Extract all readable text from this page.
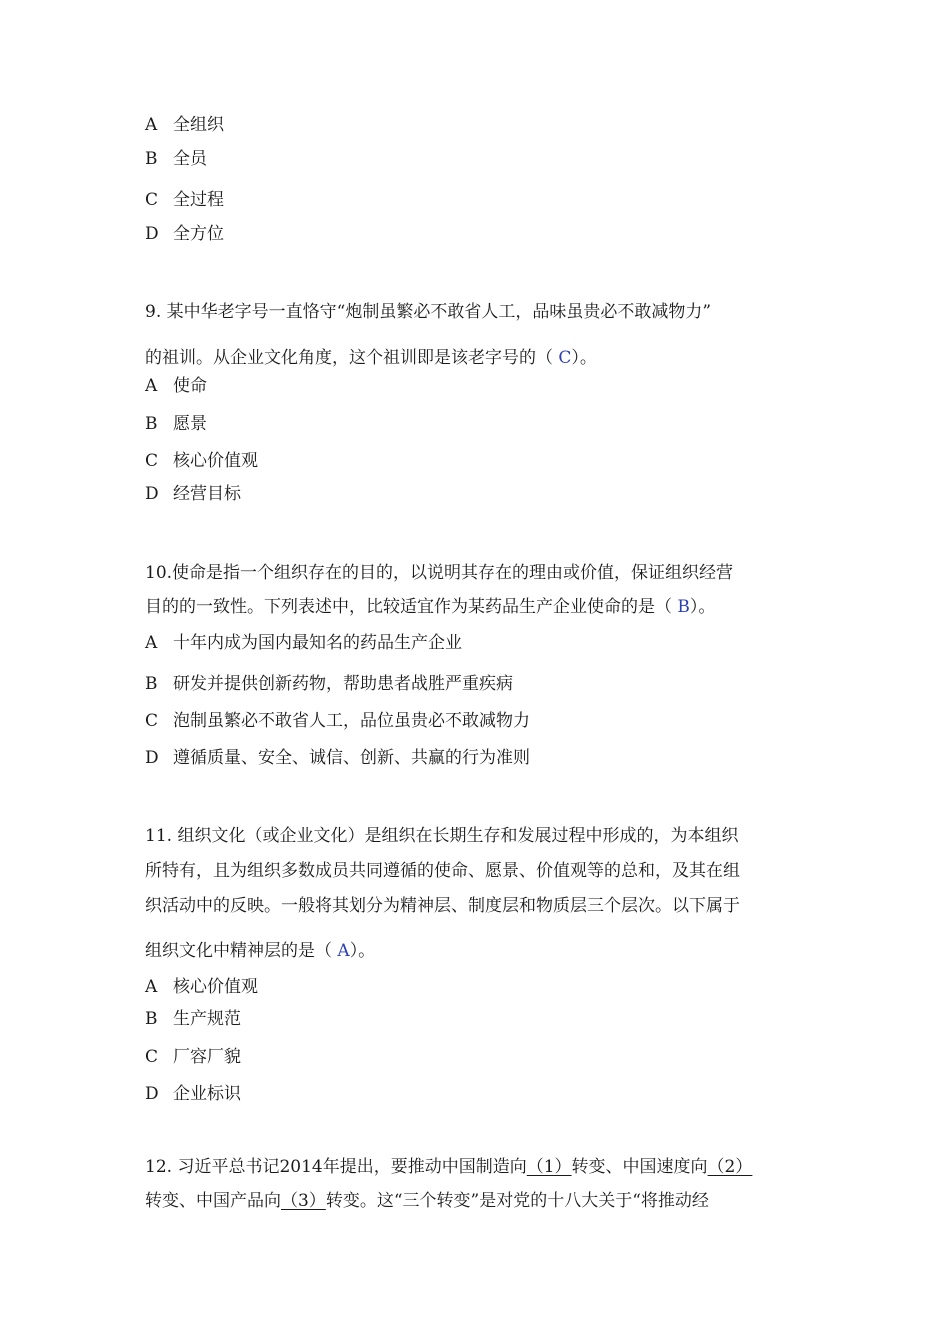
A 全组织
B 全员
C 全过程
D 全方位
9. 某中华老字号一直恪守“炮制虽繁必不敢省人工，品味虽贵必不敢减物力”
的祖训。从企业文化角度，这个祖训即是该老字号的（ C）。
A 使命
B 愿景
C 核心价值观
D 经营目标
10.使命是指一个组织存在的目的，以说明其存在的理由或价值，保证组织经营
目的的一致性。下列表述中，比较适宜作为某药品生产企业使命的是（ B）。
A 十年内成为国内最知名的药品生产企业
B 研发并提供创新药物，帮助患者战胜严重疾病
C 泡制虽繁必不敢省人工，品位虽贵必不敢减物力
D 遵循质量、安全、诚信、创新、共赢的行为准则
11. 组织文化（或企业文化）是组织在长期生存和发展过程中形成的，为本组织
所特有，且为组织多数成员共同遵循的使命、愿景、价值观等的总和，及其在组
织活动中的反映。一般将其划分为精神层、制度层和物质层三个层次。以下属于
组织文化中精神层的是（ A）。
A 核心价值观
B 生产规范
C 厂容厂貌
D 企业标识
12. 习近平总书记2014年提出，要推动中国制造向（1）转变、中国速度向（2）
转变、中国产品向（3）转变。这“三个转变”是对党的十八大关于“将推动经
